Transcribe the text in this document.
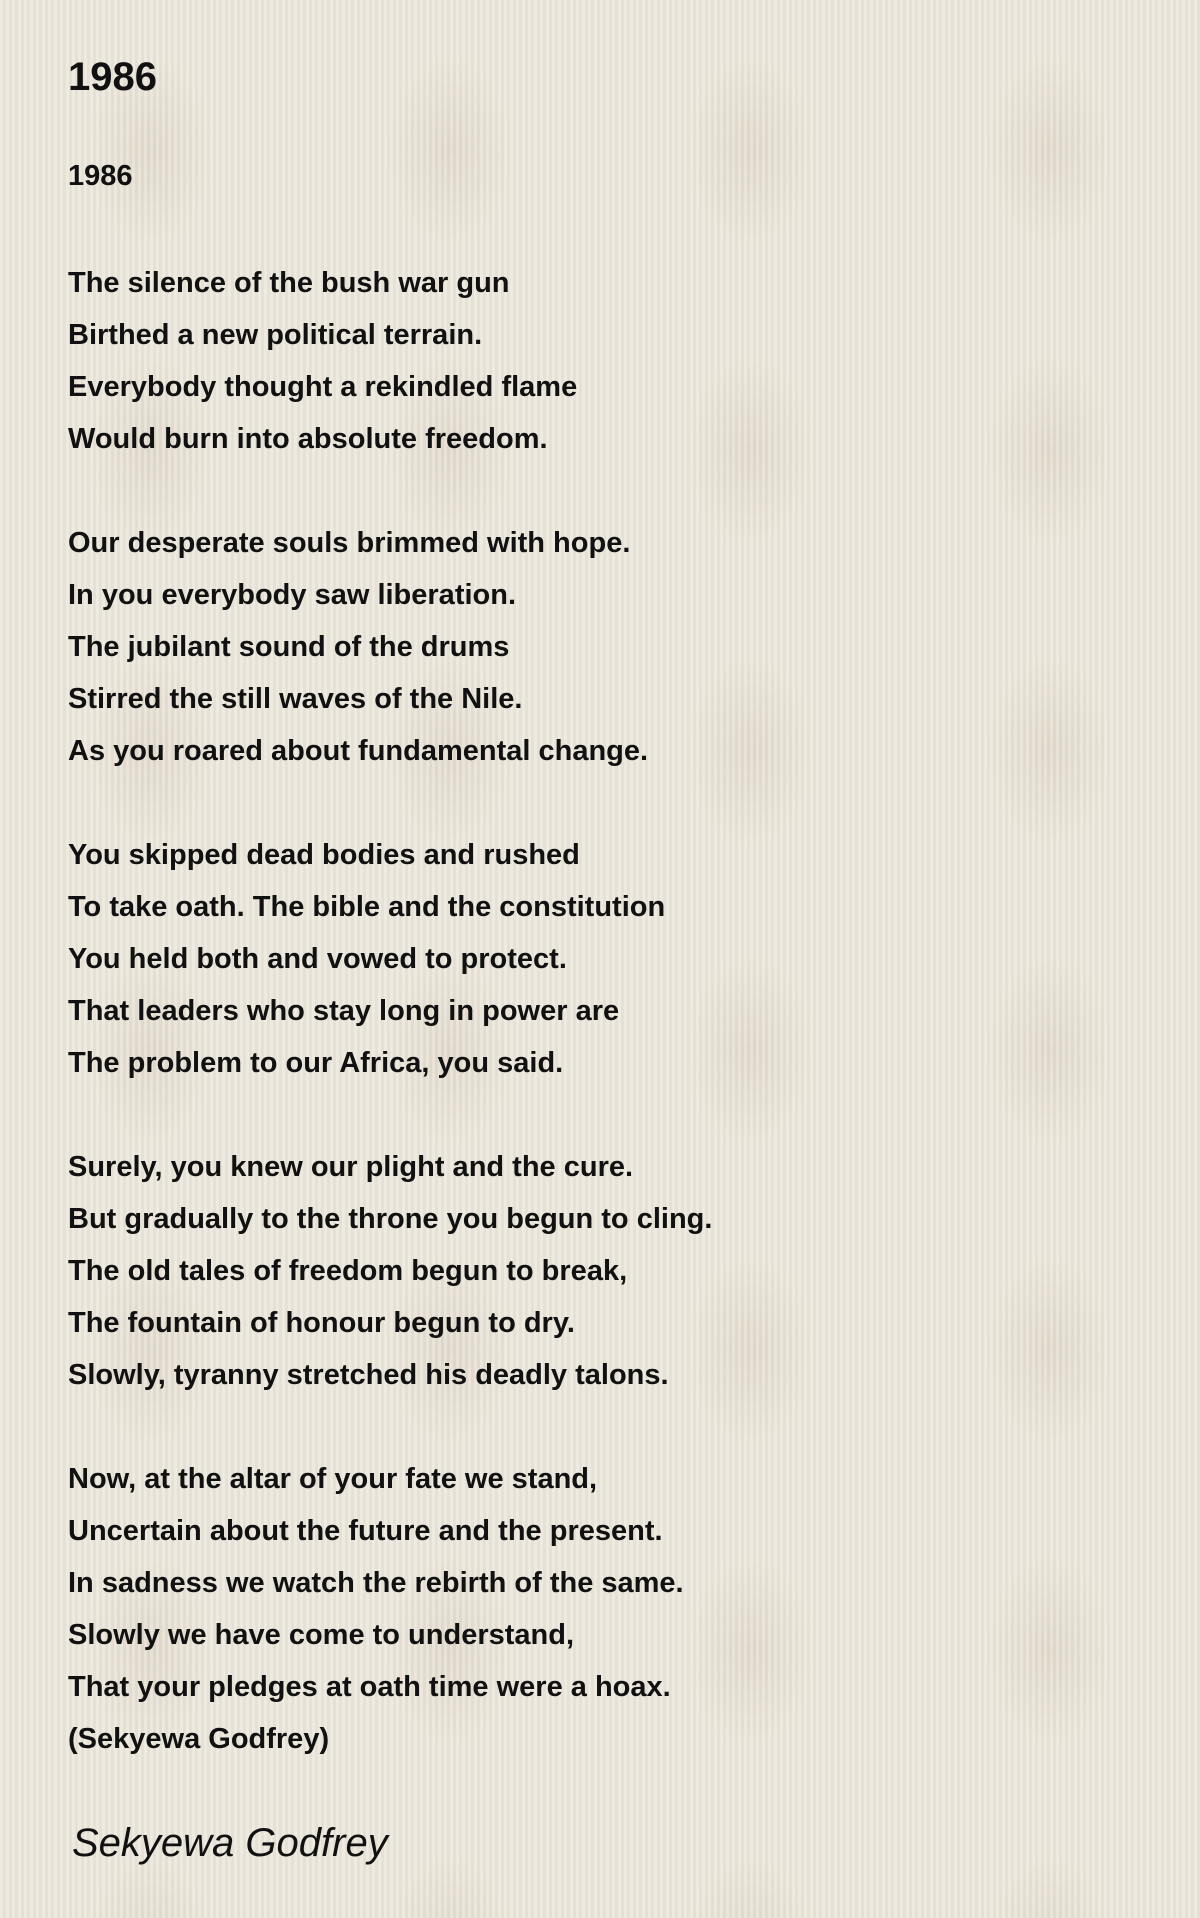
1986
1986
The silence of the bush war gun
Birthed a new political terrain.
Everybody thought a rekindled flame
Would burn into absolute freedom.
Our desperate souls brimmed with hope.
In you everybody saw liberation.
The jubilant sound of the drums
Stirred the still waves of the Nile.
As you roared about fundamental change.
You skipped dead bodies and rushed
To take oath. The bible and the constitution
You held both and vowed to protect.
That leaders who stay long in power are
The problem to our Africa, you said.
Surely, you knew our plight and the cure.
But gradually to the throne you begun to cling.
The old tales of freedom begun to break,
The fountain of honour begun to dry.
Slowly, tyranny stretched his deadly talons.
Now, at the altar of your fate we stand,
Uncertain about the future and the present.
In sadness we watch the rebirth of the same.
Slowly we have come to understand,
That your pledges at oath time were a hoax.
(Sekyewa Godfrey)
Sekyewa Godfrey
